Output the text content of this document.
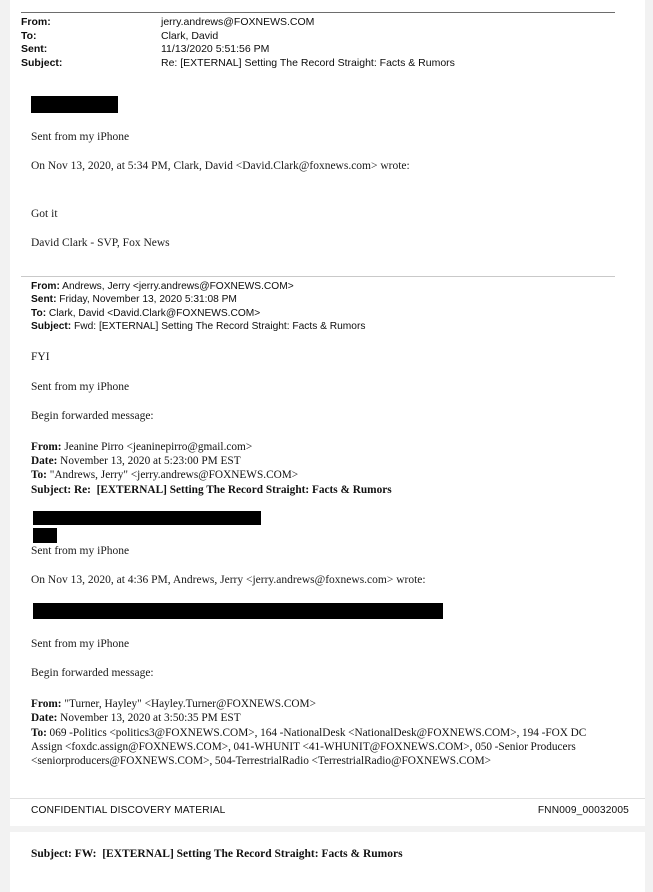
From:	jerry.andrews@FOXNEWS.COM
To:	Clark, David
Sent:	11/13/2020 5:51:56 PM
Subject:	Re: [EXTERNAL] Setting The Record Straight: Facts & Rumors
Sent from my iPhone
On Nov 13, 2020, at 5:34 PM, Clark, David <David.Clark@foxnews.com> wrote:
Got it
David Clark - SVP, Fox News
From: Andrews, Jerry <jerry.andrews@FOXNEWS.COM>
Sent: Friday, November 13, 2020 5:31:08 PM
To: Clark, David <David.Clark@FOXNEWS.COM>
Subject: Fwd: [EXTERNAL] Setting The Record Straight: Facts & Rumors
FYI
Sent from my iPhone
Begin forwarded message:
From: Jeanine Pirro <jeaninepirro@gmail.com>
Date: November 13, 2020 at 5:23:00 PM EST
To: "Andrews, Jerry" <jerry.andrews@FOXNEWS.COM>
Subject: Re:  [EXTERNAL] Setting The Record Straight: Facts & Rumors
Sent from my iPhone
On Nov 13, 2020, at 4:36 PM, Andrews, Jerry <jerry.andrews@foxnews.com> wrote:
Sent from my iPhone
Begin forwarded message:
From: "Turner, Hayley" <Hayley.Turner@FOXNEWS.COM>
Date: November 13, 2020 at 3:50:35 PM EST
To: 069 -Politics <politics3@FOXNEWS.COM>, 164 -NationalDesk <NationalDesk@FOXNEWS.COM>, 194 -FOX DC Assign <foxdc.assign@FOXNEWS.COM>, 041-WHUNIT <41-WHUNIT@FOXNEWS.COM>, 050 -Senior Producers <seniorproducers@FOXNEWS.COM>, 504-TerrestrialRadio <TerrestrialRadio@FOXNEWS.COM>
CONFIDENTIAL DISCOVERY MATERIAL	FNN009_00032005
Subject: FW:  [EXTERNAL] Setting The Record Straight: Facts & Rumors
